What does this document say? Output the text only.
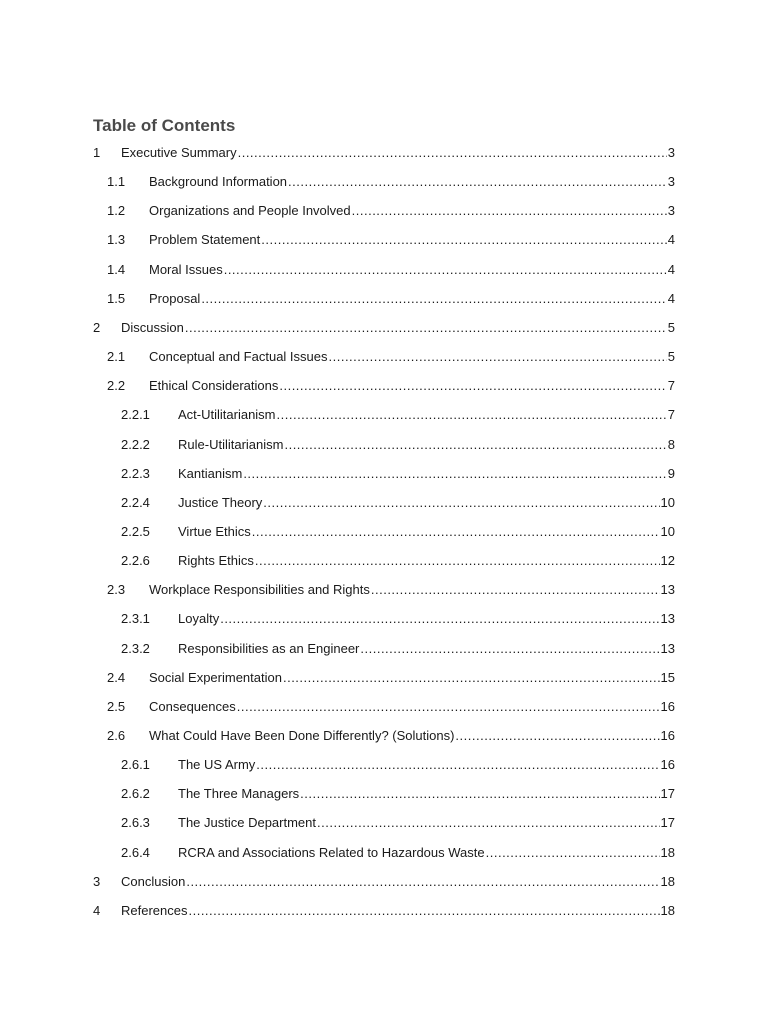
Table of Contents
1 Executive Summary .....	3
1.1 Background Information .....	3
1.2 Organizations and People Involved .....	3
1.3 Problem Statement .....	4
1.4 Moral Issues .....	4
1.5 Proposal .....	4
2 Discussion .....	5
2.1 Conceptual and Factual Issues .....	5
2.2 Ethical Considerations .....	7
2.2.1 Act-Utilitarianism .....	7
2.2.2 Rule-Utilitarianism .....	8
2.2.3 Kantianism .....	9
2.2.4 Justice Theory .....	10
2.2.5 Virtue Ethics .....	10
2.2.6 Rights Ethics .....	12
2.3 Workplace Responsibilities and Rights .....	13
2.3.1 Loyalty .....	13
2.3.2 Responsibilities as an Engineer .....	13
2.4 Social Experimentation .....	15
2.5 Consequences .....	16
2.6 What Could Have Been Done Differently? (Solutions) .....	16
2.6.1 The US Army .....	16
2.6.2 The Three Managers .....	17
2.6.3 The Justice Department .....	17
2.6.4 RCRA and Associations Related to Hazardous Waste .....	18
3 Conclusion .....	18
4 References .....	18
